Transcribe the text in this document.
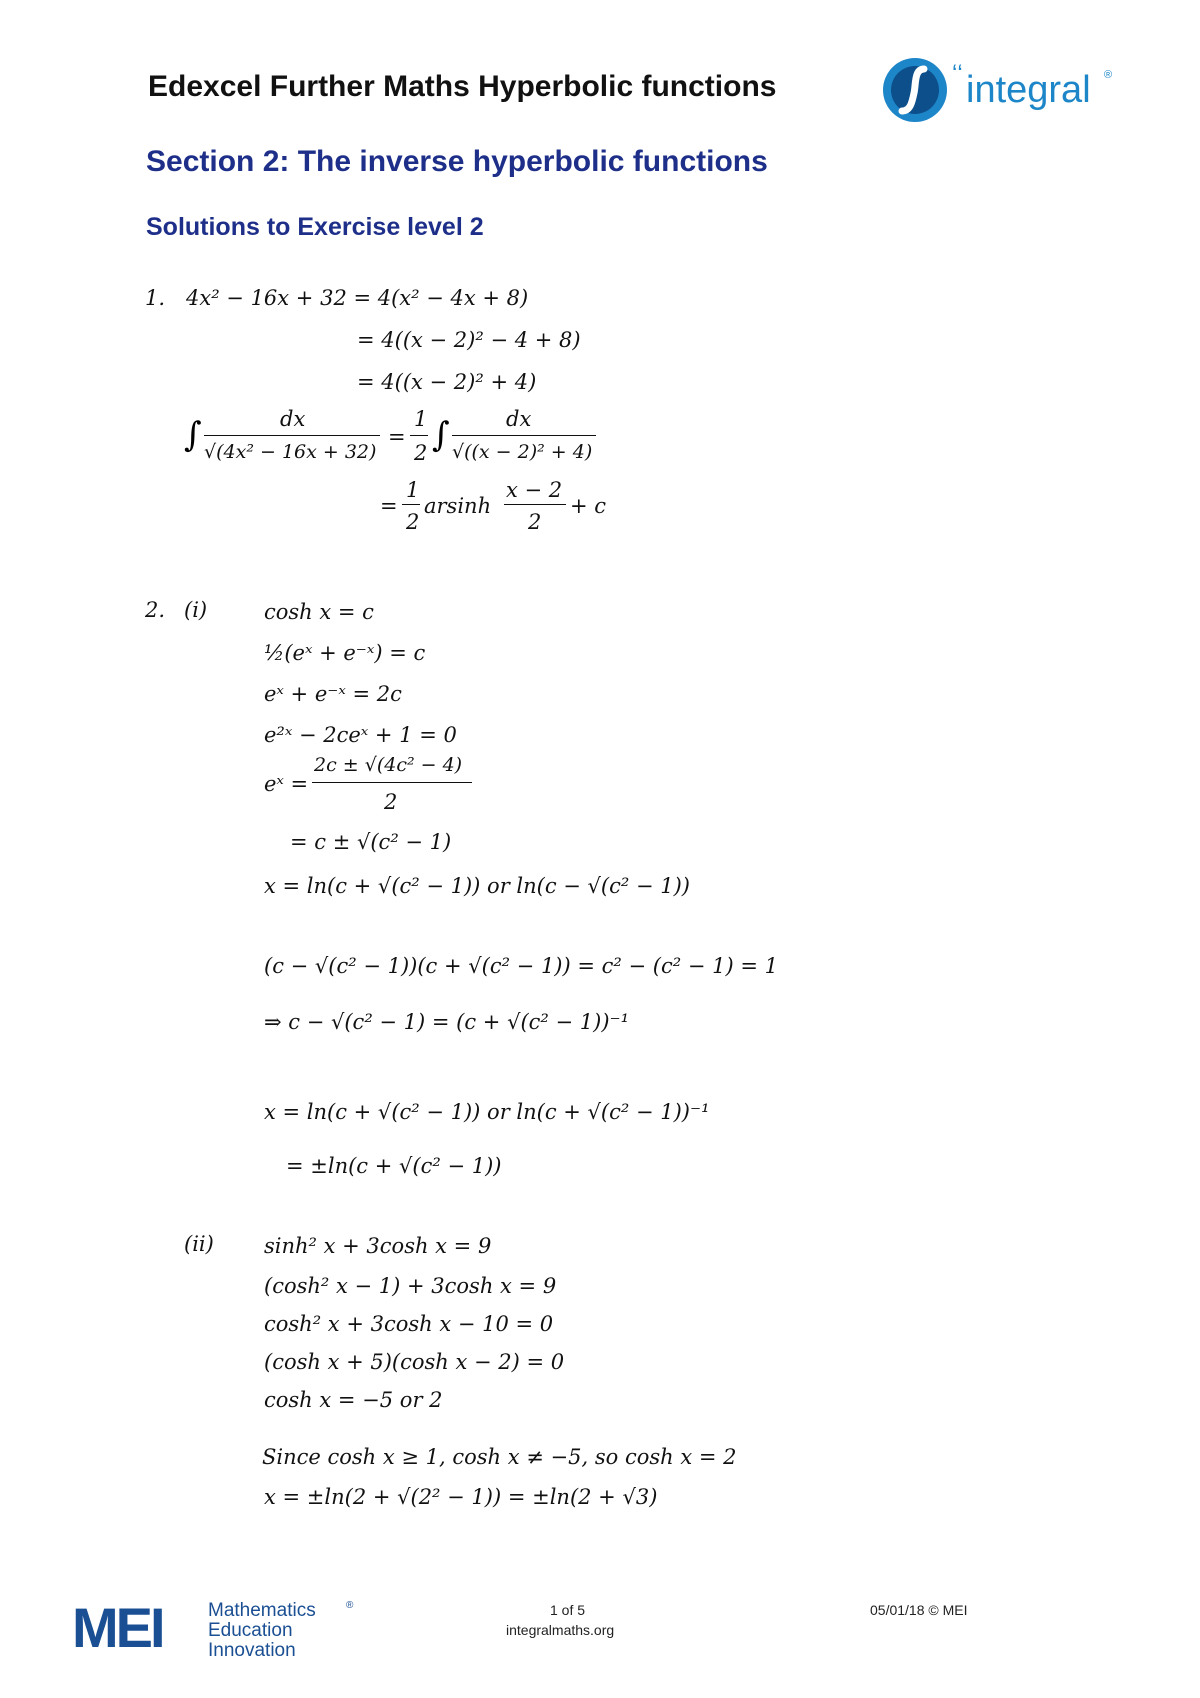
Edexcel Further Maths Hyperbolic functions	ʻʻ integral ®
Section 2: The inverse hyperbolic functions
Solutions to Exercise level 2
1. 4x² − 16x + 32 = 4(x² − 4x + 8)
= 4((x − 2)² − 4 + 8)
= 4((x − 2)² + 4)
∫	dx
√(4x² − 16x + 32)
=
1
2 ∫	dx
√((x − 2)² + 4)
=
1
2
arsinh
x − 2
2
+ c
2. (i)	cosh x = c
½(eˣ + e⁻ˣ) = c
eˣ + e⁻ˣ = 2c
e²ˣ − 2ceˣ + 1 = 0
eˣ =
2c ± √(4c² − 4)
2
= c ± √(c² − 1)
x = ln(c + √(c² − 1)) or ln(c − √(c² − 1))
(c − √(c² − 1))(c + √(c² − 1)) = c² − (c² − 1) = 1
⇒ c − √(c² − 1) = (c + √(c² − 1))⁻¹
x = ln(c + √(c² − 1)) or ln(c + √(c² − 1))⁻¹
= ±ln(c + √(c² − 1))
(ii) sinh² x + 3cosh x = 9
(cosh² x − 1) + 3cosh x = 9
cosh² x + 3cosh x − 10 = 0
(cosh x + 5)(cosh x − 2) = 0
cosh x = −5 or 2
Since cosh x ≥ 1, cosh x ≠ −5, so cosh x = 2
x = ±ln(2 + √(2² − 1)) = ±ln(2 + √3)
MEI Mathematics	®
Education
Innovation
1 of 5
integralmaths.org
05/01/18 © MEI
